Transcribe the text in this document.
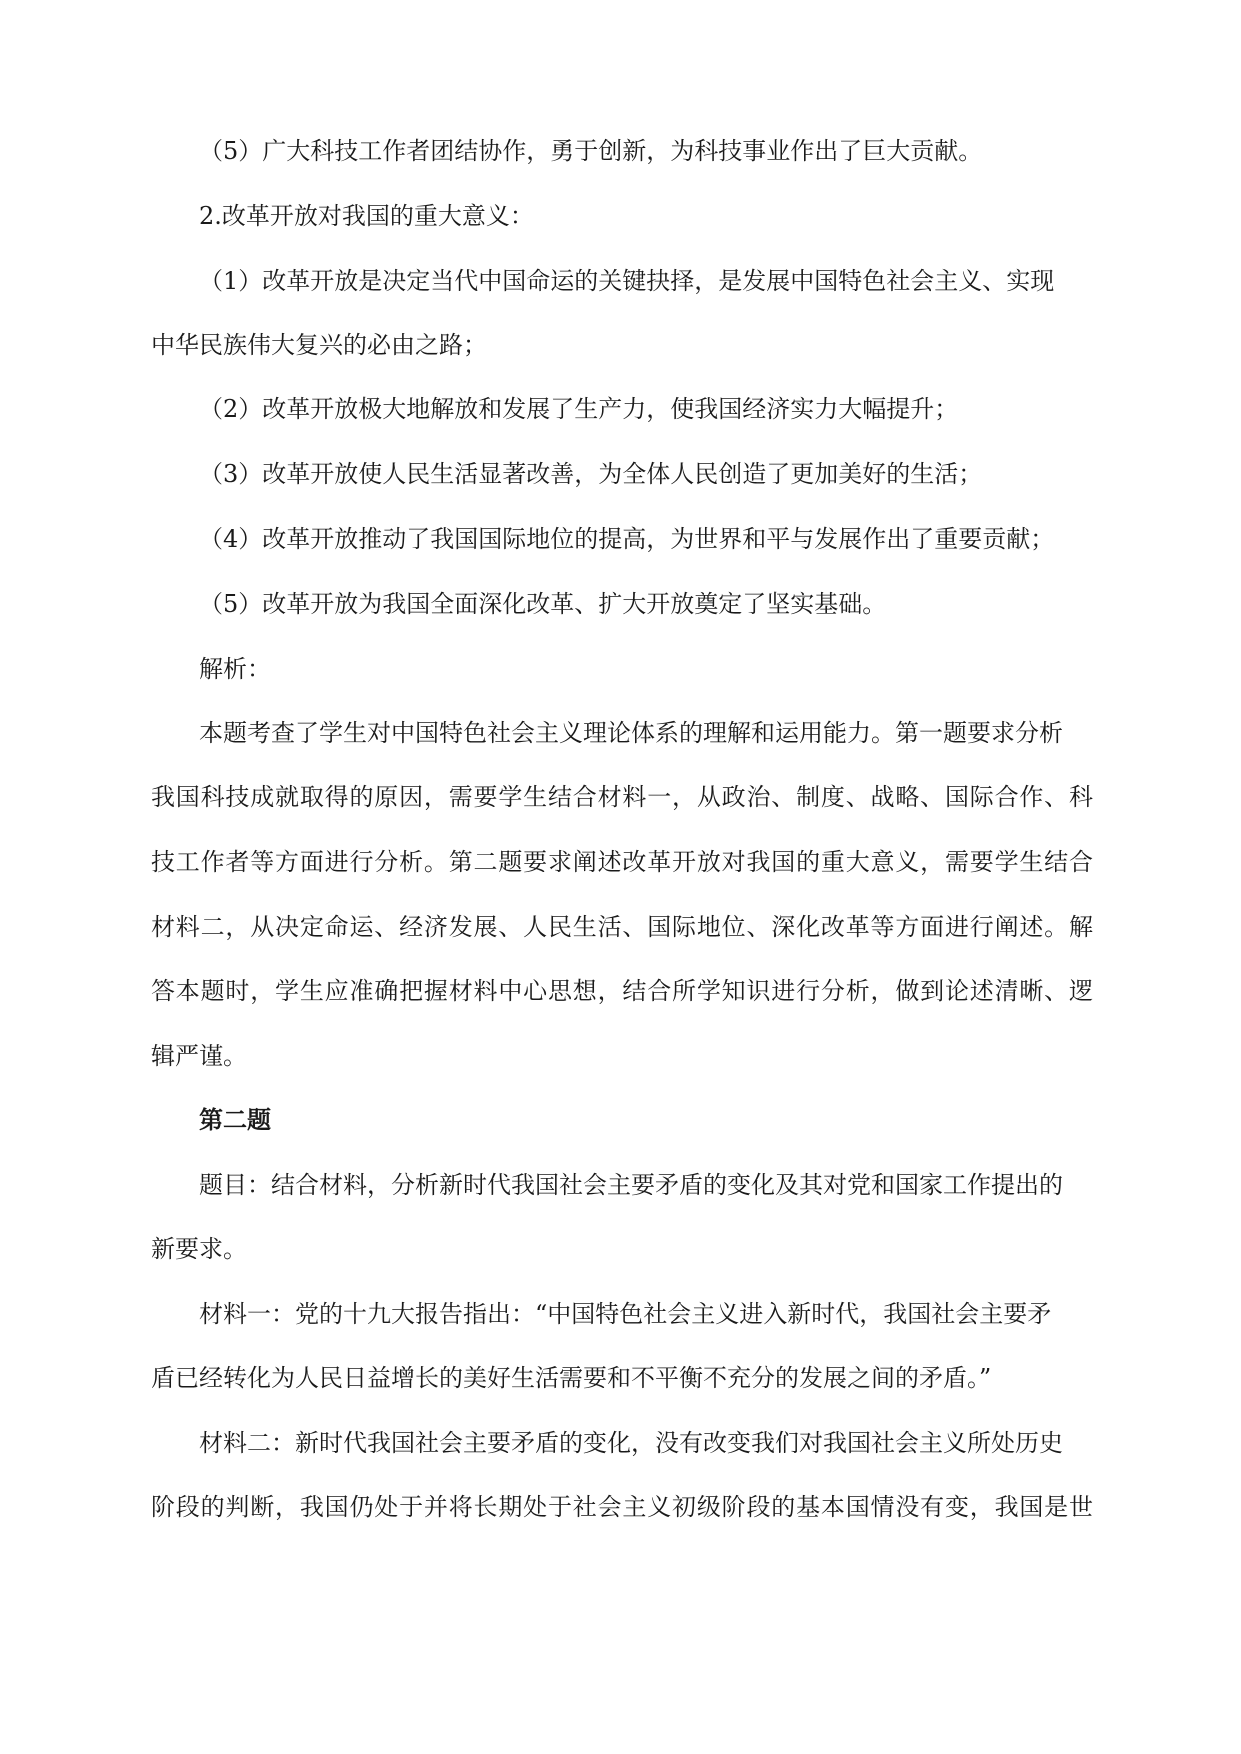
（5）广大科技工作者团结协作，勇于创新，为科技事业作出了巨大贡献。
2.改革开放对我国的重大意义：
（1）改革开放是决定当代中国命运的关键抉择，是发展中国特色社会主义、实现
中华民族伟大复兴的必由之路；
（2）改革开放极大地解放和发展了生产力，使我国经济实力大幅提升；
（3）改革开放使人民生活显著改善，为全体人民创造了更加美好的生活；
（4）改革开放推动了我国国际地位的提高，为世界和平与发展作出了重要贡献；
（5）改革开放为我国全面深化改革、扩大开放奠定了坚实基础。
解析：
本题考查了学生对中国特色社会主义理论体系的理解和运用能力。第一题要求分析
我国科技成就取得的原因，需要学生结合材料一，从政治、制度、战略、国际合作、科
技工作者等方面进行分析。第二题要求阐述改革开放对我国的重大意义，需要学生结合
材料二，从决定命运、经济发展、人民生活、国际地位、深化改革等方面进行阐述。解
答本题时，学生应准确把握材料中心思想，结合所学知识进行分析，做到论述清晰、逻
辑严谨。
第二题
题目：结合材料，分析新时代我国社会主要矛盾的变化及其对党和国家工作提出的
新要求。
材料一：党的十九大报告指出：“中国特色社会主义进入新时代，我国社会主要矛
盾已经转化为人民日益增长的美好生活需要和不平衡不充分的发展之间的矛盾。”
材料二：新时代我国社会主要矛盾的变化，没有改变我们对我国社会主义所处历史
阶段的判断，我国仍处于并将长期处于社会主义初级阶段的基本国情没有变，我国是世
